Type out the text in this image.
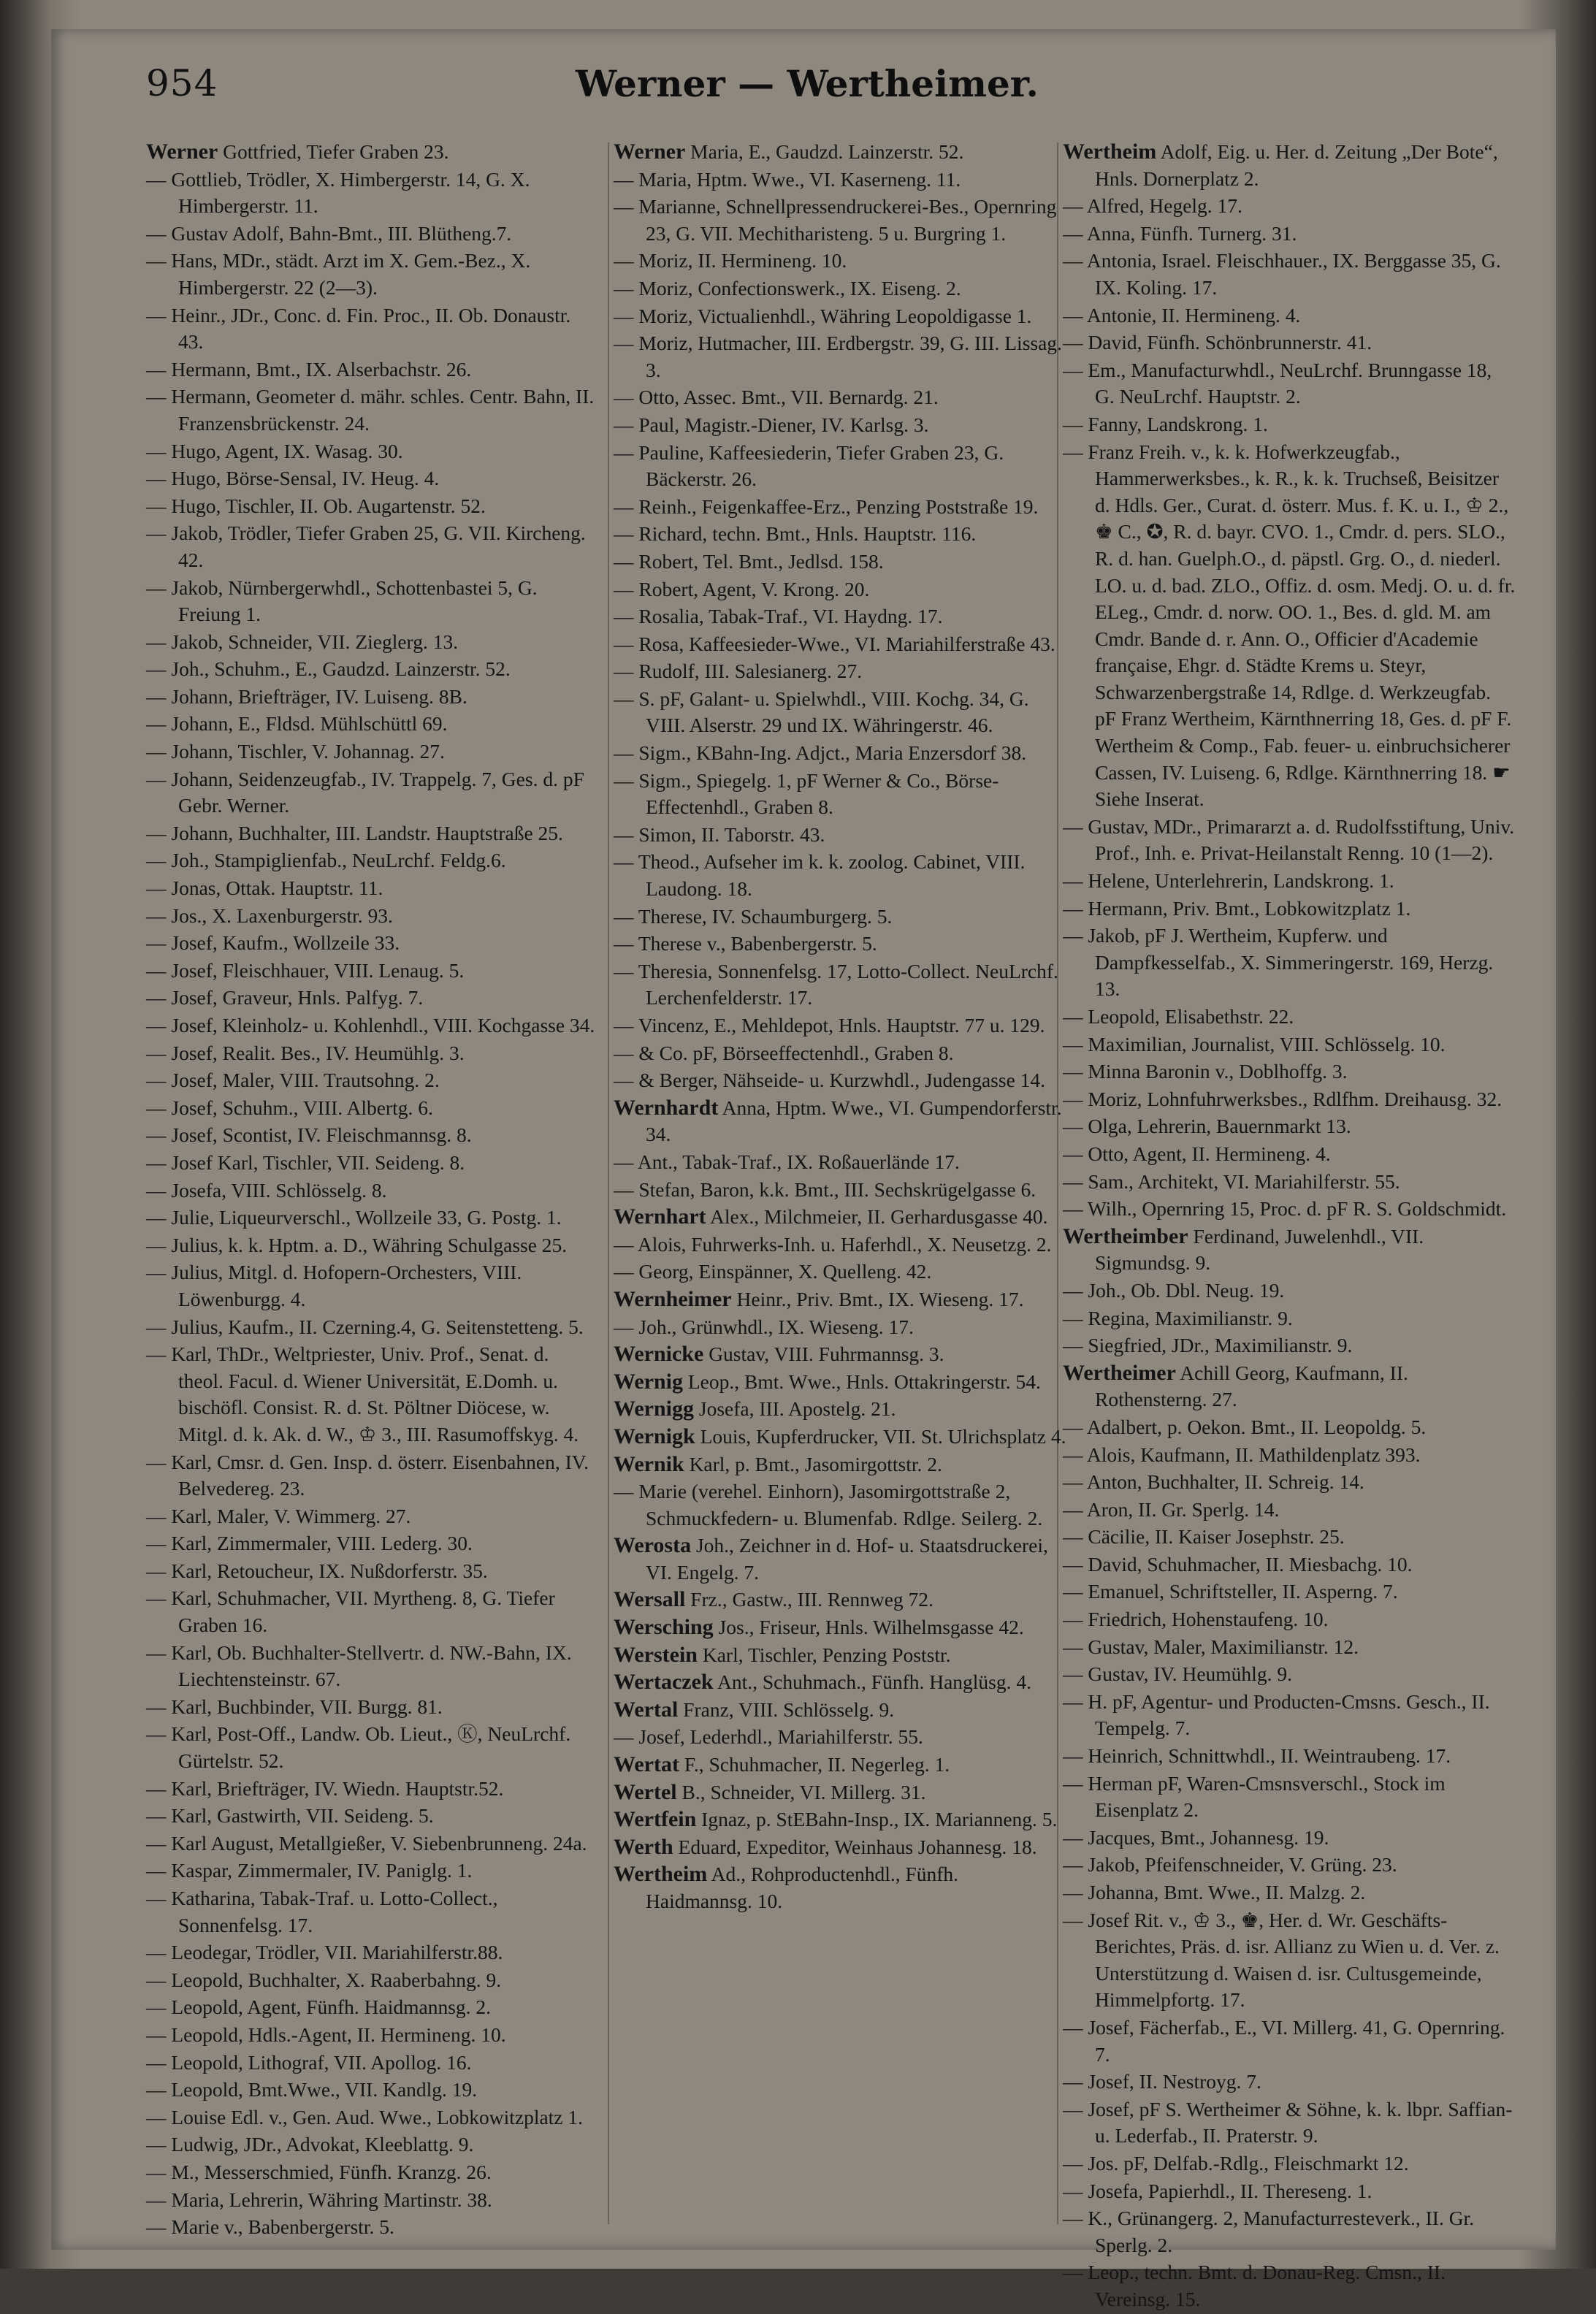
954	Werner — Wertheimer.
Werner Gottfried, Tiefer Graben 23.
— Gottlieb, Trödler, X. Himbergerstr. 14, G. X. Himbergerstr. 11.
— Gustav Adolf, Bahn-Bmt., III. Blütheng.7.
— Hans, MDr., städt. Arzt im X. Gem.-Bez., X. Himbergerstr. 22 (2—3).
— Heinr., JDr., Conc. d. Fin. Proc., II. Ob. Donaustr. 43.
— Hermann, Bmt., IX. Alserbachstr. 26.
— Hermann, Geometer d. mähr. schles. Centr. Bahn, II. Franzensbrückenstr. 24.
— Hugo, Agent, IX. Wasag. 30.
— Hugo, Börse-Sensal, IV. Heug. 4.
— Hugo, Tischler, II. Ob. Augartenstr. 52.
— Jakob, Trödler, Tiefer Graben 25, G. VII. Kircheng. 42.
— Jakob, Nürnbergerwhdl., Schottenbastei 5, G. Freiung 1.
— Jakob, Schneider, VII. Zieglerg. 13.
— Joh., Schuhm., E., Gaudzd. Lainzerstr. 52.
— Johann, Briefträger, IV. Luiseng. 8B.
— Johann, E., Fldsd. Mühlschüttl 69.
— Johann, Tischler, V. Johannag. 27.
— Johann, Seidenzeugfab., IV. Trappelg. 7, Ges. d. pF Gebr. Werner.
— Johann, Buchhalter, III. Landstr. Hauptstraße 25.
— Joh., Stampiglienfab., NeuLrchf. Feldg.6.
— Jonas, Ottak. Hauptstr. 11.
— Jos., X. Laxenburgerstr. 93.
— Josef, Kaufm., Wollzeile 33.
— Josef, Fleischhauer, VIII. Lenaug. 5.
— Josef, Graveur, Hnls. Palfyg. 7.
— Josef, Kleinholz- u. Kohlenhdl., VIII. Kochgasse 34.
— Josef, Realit. Bes., IV. Heumühlg. 3.
— Josef, Maler, VIII. Trautsohng. 2.
— Josef, Schuhm., VIII. Albertg. 6.
— Josef, Scontist, IV. Fleischmannsg. 8.
— Josef Karl, Tischler, VII. Seideng. 8.
— Josefa, VIII. Schlösselg. 8.
— Julie, Liqueurverschl., Wollzeile 33, G. Postg. 1.
— Julius, k. k. Hptm. a. D., Währing Schulgasse 25.
— Julius, Mitgl. d. Hofopern-Orchesters, VIII. Löwenburgg. 4.
— Julius, Kaufm., II. Czerning.4, G. Seitenstetteng. 5.
— Karl, ThDr., Weltpriester, Univ. Prof., Senat. d. theol. Facul. d. Wiener Universität, E.Domh. u. bischöfl. Consist. R. d. St. Pöltner Diöcese, w. Mitgl. d. k. Ak. d. W., ♔ 3., III. Rasumoffskyg. 4.
— Karl, Cmsr. d. Gen. Insp. d. österr. Eisenbahnen, IV. Belvedereg. 23.
— Karl, Maler, V. Wimmerg. 27.
— Karl, Zimmermaler, VIII. Lederg. 30.
— Karl, Retoucheur, IX. Nußdorferstr. 35.
— Karl, Schuhmacher, VII. Myrtheng. 8, G. Tiefer Graben 16.
— Karl, Ob. Buchhalter-Stellvertr. d. NW.-Bahn, IX. Liechtensteinstr. 67.
— Karl, Buchbinder, VII. Burgg. 81.
— Karl, Post-Off., Landw. Ob. Lieut., Ⓚ, NeuLrchf. Gürtelstr. 52.
— Karl, Briefträger, IV. Wiedn. Hauptstr.52.
— Karl, Gastwirth, VII. Seideng. 5.
— Karl August, Metallgießer, V. Siebenbrunneng. 24a.
— Kaspar, Zimmermaler, IV. Paniglg. 1.
— Katharina, Tabak-Traf. u. Lotto-Collect., Sonnenfelsg. 17.
— Leodegar, Trödler, VII. Mariahilferstr.88.
— Leopold, Buchhalter, X. Raaberbahng. 9.
— Leopold, Agent, Fünfh. Haidmannsg. 2.
— Leopold, Hdls.-Agent, II. Hermineng. 10.
— Leopold, Lithograf, VII. Apollog. 16.
— Leopold, Bmt.Wwe., VII. Kandlg. 19.
— Louise Edl. v., Gen. Aud. Wwe., Lobkowitzplatz 1.
— Ludwig, JDr., Advokat, Kleeblattg. 9.
— M., Messerschmied, Fünfh. Kranzg. 26.
— Maria, Lehrerin, Währing Martinstr. 38.
— Marie v., Babenbergerstr. 5.
Werner Maria, E., Gaudzd. Lainzerstr. 52.
— Maria, Hptm. Wwe., VI. Kaserneng. 11.
— Marianne, Schnellpressendruckerei-Bes., Opernring 23, G. VII. Mechitharisteng. 5 u. Burgring 1.
— Moriz, II. Hermineng. 10.
— Moriz, Confectionswerk., IX. Eiseng. 2.
— Moriz, Victualienhdl., Währing Leopoldigasse 1.
— Moriz, Hutmacher, III. Erdbergstr. 39, G. III. Lissag. 3.
— Otto, Assec. Bmt., VII. Bernardg. 21.
— Paul, Magistr.-Diener, IV. Karlsg. 3.
— Pauline, Kaffeesiederin, Tiefer Graben 23, G. Bäckerstr. 26.
— Reinh., Feigenkaffee-Erz., Penzing Poststraße 19.
— Richard, techn. Bmt., Hnls. Hauptstr. 116.
— Robert, Tel. Bmt., Jedlsd. 158.
— Robert, Agent, V. Krong. 20.
— Rosalia, Tabak-Traf., VI. Haydng. 17.
— Rosa, Kaffeesieder-Wwe., VI. Mariahilferstraße 43.
— Rudolf, III. Salesianerg. 27.
— S. pF, Galant- u. Spielwhdl., VIII. Kochg. 34, G. VIII. Alserstr. 29 und IX. Währingerstr. 46.
— Sigm., KBahn-Ing. Adjct., Maria Enzersdorf 38.
— Sigm., Spiegelg. 1, pF Werner & Co., Börse-Effectenhdl., Graben 8.
— Simon, II. Taborstr. 43.
— Theod., Aufseher im k. k. zoolog. Cabinet, VIII. Laudong. 18.
— Therese, IV. Schaumburgerg. 5.
— Therese v., Babenbergerstr. 5.
— Theresia, Sonnenfelsg. 17, Lotto-Collect. NeuLrchf. Lerchenfelderstr. 17.
— Vincenz, E., Mehldepot, Hnls. Hauptstr. 77 u. 129.
— & Co. pF, Börseeffectenhdl., Graben 8.
— & Berger, Nähseide- u. Kurzwhdl., Judengasse 14.
Wernhardt Anna, Hptm. Wwe., VI. Gumpendorferstr. 34.
— Ant., Tabak-Traf., IX. Roßauerlände 17.
— Stefan, Baron, k.k. Bmt., III. Sechskrügelgasse 6.
Wernhart Alex., Milchmeier, II. Gerhardusgasse 40.
— Alois, Fuhrwerks-Inh. u. Haferhdl., X. Neusetzg. 2.
— Georg, Einspänner, X. Quelleng. 42.
Wernheimer Heinr., Priv. Bmt., IX. Wieseng. 17.
— Joh., Grünwhdl., IX. Wieseng. 17.
Wernicke Gustav, VIII. Fuhrmannsg. 3.
Wernig Leop., Bmt. Wwe., Hnls. Ottakringerstr. 54.
Wernigg Josefa, III. Apostelg. 21.
Wernigk Louis, Kupferdrucker, VII. St. Ulrichsplatz 4.
Wernik Karl, p. Bmt., Jasomirgottstr. 2.
— Marie (verehel. Einhorn), Jasomirgottstraße 2, Schmuckfedern- u. Blumenfab. Rdlge. Seilerg. 2.
Werosta Joh., Zeichner in d. Hof- u. Staatsdruckerei, VI. Engelg. 7.
Wersall Frz., Gastw., III. Rennweg 72.
Wersching Jos., Friseur, Hnls. Wilhelmsgasse 42.
Werstein Karl, Tischler, Penzing Poststr.
Wertaczek Ant., Schuhmach., Fünfh. Hanglüsg. 4.
Wertal Franz, VIII. Schlösselg. 9.
— Josef, Lederhdl., Mariahilferstr. 55.
Wertat F., Schuhmacher, II. Negerleg. 1.
Wertel B., Schneider, VI. Millerg. 31.
Wertfein Ignaz, p. StEBahn-Insp., IX. Marianneng. 5.
Werth Eduard, Expeditor, Weinhaus Johannesg. 18.
Wertheim Ad., Rohproductenhdl., Fünfh. Haidmannsg. 10.
Wertheim Adolf, Eig. u. Her. d. Zeitung „Der Bote“, Hnls. Dornerplatz 2.
— Alfred, Hegelg. 17.
— Anna, Fünfh. Turnerg. 31.
— Antonia, Israel. Fleischhauer., IX. Berggasse 35, G. IX. Koling. 17.
— Antonie, II. Hermineng. 4.
— David, Fünfh. Schönbrunnerstr. 41.
— Em., Manufacturwhdl., NeuLrchf. Brunngasse 18, G. NeuLrchf. Hauptstr. 2.
— Fanny, Landskrong. 1.
— Franz Freih. v., k. k. Hofwerkzeugfab., Hammerwerksbes., k. R., k. k. Truchseß, Beisitzer d. Hdls. Ger., Curat. d. österr. Mus. f. K. u. I., ♔ 2., ♚ C., ✪, R. d. bayr. CVO. 1., Cmdr. d. pers. SLO., R. d. han. Guelph.O., d. päpstl. Grg. O., d. niederl. LO. u. d. bad. ZLO., Offiz. d. osm. Medj. O. u. d. fr. ELeg., Cmdr. d. norw. OO. 1., Bes. d. gld. M. am Cmdr. Bande d. r. Ann. O., Officier d'Academie française, Ehgr. d. Städte Krems u. Steyr, Schwarzenbergstraße 14, Rdlge. d. Werkzeugfab. pF Franz Wertheim, Kärnthnerring 18, Ges. d. pF F. Wertheim & Comp., Fab. feuer- u. einbruchsicherer Cassen, IV. Luiseng. 6, Rdlge. Kärnthnerring 18. ☛ Siehe Inserat.
— Gustav, MDr., Primararzt a. d. Rudolfsstiftung, Univ. Prof., Inh. e. Privat-Heilanstalt Renng. 10 (1—2).
— Helene, Unterlehrerin, Landskrong. 1.
— Hermann, Priv. Bmt., Lobkowitzplatz 1.
— Jakob, pF J. Wertheim, Kupferw. und Dampfkesselfab., X. Simmeringerstr. 169, Herzg. 13.
— Leopold, Elisabethstr. 22.
— Maximilian, Journalist, VIII. Schlösselg. 10.
— Minna Baronin v., Doblhoffg. 3.
— Moriz, Lohnfuhrwerksbes., Rdlfhm. Dreihausg. 32.
— Olga, Lehrerin, Bauernmarkt 13.
— Otto, Agent, II. Hermineng. 4.
— Sam., Architekt, VI. Mariahilferstr. 55.
— Wilh., Opernring 15, Proc. d. pF R. S. Goldschmidt.
Wertheimber Ferdinand, Juwelenhdl., VII. Sigmundsg. 9.
— Joh., Ob. Dbl. Neug. 19.
— Regina, Maximilianstr. 9.
— Siegfried, JDr., Maximilianstr. 9.
Wertheimer Achill Georg, Kaufmann, II. Rothensterng. 27.
— Adalbert, p. Oekon. Bmt., II. Leopoldg. 5.
— Alois, Kaufmann, II. Mathildenplatz 393.
— Anton, Buchhalter, II. Schreig. 14.
— Aron, II. Gr. Sperlg. 14.
— Cäcilie, II. Kaiser Josephstr. 25.
— David, Schuhmacher, II. Miesbachg. 10.
— Emanuel, Schriftsteller, II. Asperng. 7.
— Friedrich, Hohenstaufeng. 10.
— Gustav, Maler, Maximilianstr. 12.
— Gustav, IV. Heumühlg. 9.
— H. pF, Agentur- und Producten-Cmsns. Gesch., II. Tempelg. 7.
— Heinrich, Schnittwhdl., II. Weintraubeng. 17.
— Herman pF, Waren-Cmsnsverschl., Stock im Eisenplatz 2.
— Jacques, Bmt., Johannesg. 19.
— Jakob, Pfeifenschneider, V. Grüng. 23.
— Johanna, Bmt. Wwe., II. Malzg. 2.
— Josef Rit. v., ♔ 3., ♚, Her. d. Wr. Geschäfts-Berichtes, Präs. d. isr. Allianz zu Wien u. d. Ver. z. Unterstützung d. Waisen d. isr. Cultusgemeinde, Himmelpfortg. 17.
— Josef, Fächerfab., E., VI. Millerg. 41, G. Opernring. 7.
— Josef, II. Nestroyg. 7.
— Josef, pF S. Wertheimer & Söhne, k. k. lbpr. Saffian- u. Lederfab., II. Praterstr. 9.
— Jos. pF, Delfab.-Rdlg., Fleischmarkt 12.
— Josefa, Papierhdl., II. Thereseng. 1.
— K., Grünangerg. 2, Manufacturresteverk., II. Gr. Sperlg. 2.
— Leop., techn. Bmt. d. Donau-Reg. Cmsn., II. Vereinsg. 15.
